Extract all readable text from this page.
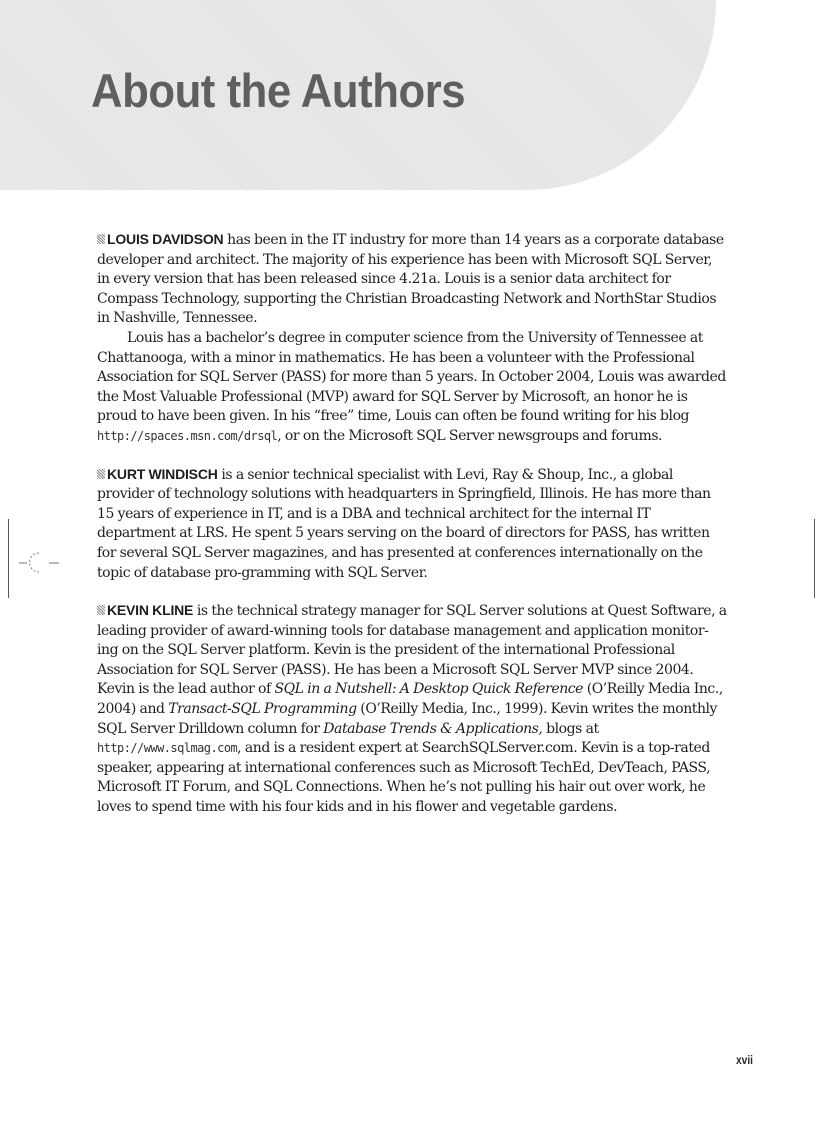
About the Authors

LOUIS DAVIDSON has been in the IT industry for more than 14 years as a corporate database developer and architect. The majority of his experience has been with Microsoft SQL Server, in every version that has been released since 4.21a. Louis is a senior data architect for Compass Technology, supporting the Christian Broadcasting Network and NorthStar Studios in Nashville, Tennessee.

Louis has a bachelor’s degree in computer science from the University of Tennessee at Chattanooga, with a minor in mathematics. He has been a volunteer with the Professional Association for SQL Server (PASS) for more than 5 years. In October 2004, Louis was awarded the Most Valuable Professional (MVP) award for SQL Server by Microsoft, an honor he is proud to have been given. In his “free” time, Louis can often be found writing for his blog http://spaces.msn.com/drsql, or on the Microsoft SQL Server newsgroups and forums.

KURT WINDISCH is a senior technical specialist with Levi, Ray & Shoup, Inc., a global provider of technology solutions with headquarters in Springfield, Illinois. He has more than 15 years of experience in IT, and is a DBA and technical architect for the internal IT department at LRS. He spent 5 years serving on the board of directors for PASS, has written for several SQL Server magazines, and has presented at conferences internationally on the topic of database pro-gramming with SQL Server.

KEVIN KLINE is the technical strategy manager for SQL Server solutions at Quest Software, a leading provider of award-winning tools for database management and application monitor-ing on the SQL Server platform. Kevin is the president of the international Professional Association for SQL Server (PASS). He has been a Microsoft SQL Server MVP since 2004. Kevin is the lead author of SQL in a Nutshell: A Desktop Quick Reference (O’Reilly Media Inc., 2004) and Transact-SQL Programming (O’Reilly Media, Inc., 1999). Kevin writes the monthly SQL Server Drilldown column for Database Trends & Applications, blogs at http://www.sqlmag.com, and is a resident expert at SearchSQLServer.com. Kevin is a top-rated speaker, appearing at international conferences such as Microsoft TechEd, DevTeach, PASS, Microsoft IT Forum, and SQL Connections. When he’s not pulling his hair out over work, he loves to spend time with his four kids and in his flower and vegetable gardens.

xvii
